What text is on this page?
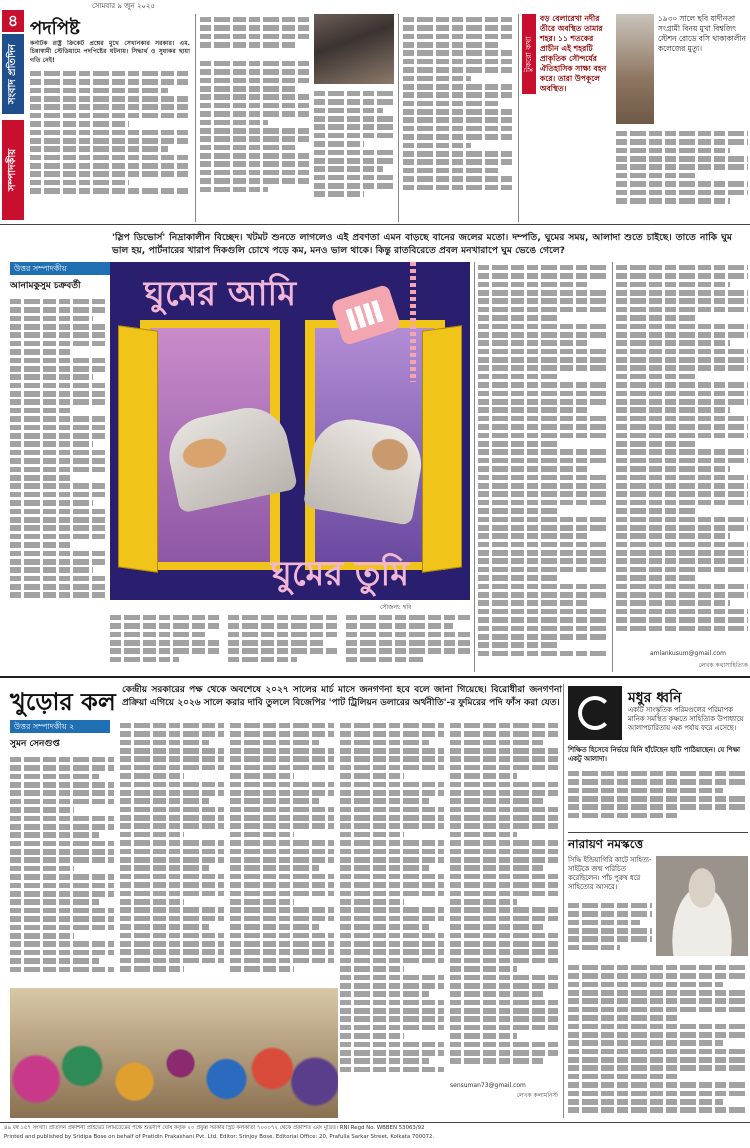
সোমবার ৯ জুন ২০২৫
৪
সংবাদ প্রতিদিন
সম্পাদকীয়
পদপিষ্ট
কর্নাটক রাষ্ট্র ক্রিকেট প্রশ্নের মুখে সেখানকার সরকার। এম. চিন্নাস্বামী স্টেডিয়ামে পদপিষ্টের ঘটনায়। সিদ্ধার্থ ও সুধাকর ছায়া গতি নেই!	টুকরো কথা
বড় বেলারেখা নদীর তীরে অবস্থিত তামার শহর। ১১ শতকের প্রাচীন এই শহরটি প্রাকৃতিক সৌন্দর্যের ঐতিহাসিক সাক্ষ্য বহন করে। তারা উপকূলে অবস্থিত।
১৯৩০ সালে ছবি যাদীনতা সংগ্রামী বিনয় মুখা বিশ্বজিৎ স্টেশন রোডে বসি থাকাকালীন কলেজের মুত্যু।
'স্লিপ ডিভোর্স' নিদ্রাকালীন বিচ্ছেদ। খটমট শুনতে লাগলেও এই প্রবণতা এমন বাড়ছে বানের জলের মতো। দম্পতি, ঘুমের সময়, আলাদা শুতে চাইছে। তাতে নাকি ঘুম ভাল হয়, পার্টনারের খারাপ দিকগুলি চোখে পড়ে কম, মনও ভাল থাকে। কিন্তু রাতবিরেতে প্রবল মনখারাপে ঘুম ভেঙে গেলে?
উত্তর সম্পাদকীয়
আনামকুসুম চক্রবর্তী	ঘুমের আমি
ঘুমের তুমি
সৌজন্য: ছবি
amlankusum@gmail.com
লেখক কথাসাহিত্যিক
খুড়োর কল কেন্দ্রীয় সরকারের পক্ষ থেকে অবশেষে ২০২৭ সালের মার্চ মাসে জনগণনা হবে বলে জানা গিয়েছে। বিরোধীরা জনগণনা প্রক্রিয়া এগিয়ে ২০২৬ সালে করার দাবি তুললে বিজেপির 'পাট ট্রিলিয়ন ডলারের অর্থনীতি'-র ফুমিরের পদি ফাঁস করা যেত।
উত্তর সম্পাদকীয় ২
সুমন সেনগুপ্ত
sensuman73@gmail.com
লেখক কলামনিস্ট
মধুর ধ্বনি
একটি সাংস্কৃতিক পরিমণ্ডলের পরিমাপক মানিক সমস্থিত কৃষ্ণতে সাহিত্যিক উপাধ্যায়ে আলাপচারিতায় এক পর্যায় ফরে এসেছে।
শিক্ষিত হিসেবে নির্ভয়ে যিনি হাঁটেছেন হাটি পাঠিয়াছেন। যে শিক্ষা একটু আলাদা।
নারায়ণ নমস্কত্তে
সিদ্ধি ইন্ডিয়াগিরি কাটে সাহিত্য- সাইটকে জন্ম পরিচিত করেছিলেন। পাঁচ পুরুষ ধরে সাহিত্যের আসরে।
৪৯ বর্ষ ১৫৭ সংখ্যা। প্রতিদিন প্রকাশনী প্রাইভেট লিমিটেডের পক্ষে শুভদীপ ঘোষ কর্তৃক ২০ প্রফুল্ল সরকার স্ট্রিট কলকাতা ৭০০০৭২ থেকে প্রকাশিত এবং মুদ্রিত। RNI Regd No. WBBEN 53063/92
Printed and published by Sridipa Bose on behalf of Pratidin Prakashani Pvt. Ltd. Editor: Srinjoy Bose. Editorial Office: 20, Prafulla Sarkar Street, Kolkata 700072.
